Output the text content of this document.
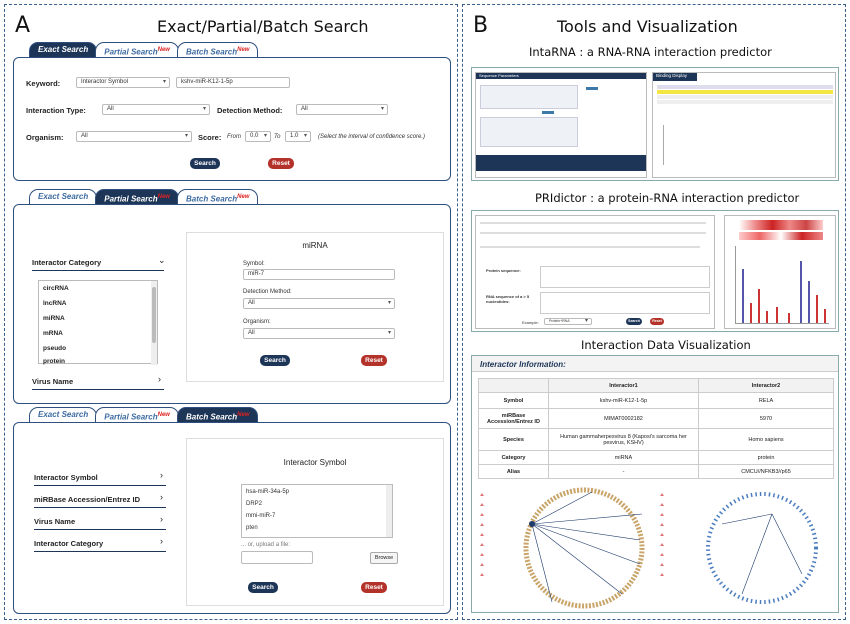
A	Exact/Partial/Batch Search
Exact Search	Partial Search$^{New}$	Batch Search$^{New}$
Keyword:	Interactor Symbol ▾	kshv-miR-K12-1-5p
Interaction Type:	All ▾	Detection Method:	All ▾
Organism:	All ▾	Score: From	0.0 ▾	To	1.0 ▾	(Select the interval of confidence score.)
Search	Reset
Exact Search	Partial Search$^{New}$	Batch Search$^{New}$
Interactor Category	⌄
circRNA
lncRNA
miRNA
mRNA
pseudo
protein
Virus Name	›
miRNA
Symbol:
miR-7
Detection Method:
All ▾
Organism:
All ▾
Search	Reset
Exact Search	Partial Search$^{New}$	Batch Search$^{New}$
Interactor Symbol	›
miRBase Accession/Entrez ID	›
Virus Name	›
Interactor Category	›
Interactor Symbol
hsa-miR-34a-5p
DRP2
mmi-miR-7
pten
... or, upload a file:
Browse
Search	Reset
B	Tools and Visualization
IntaRNA : a RNA-RNA interaction predictor
Sequence Parameters	Binding Display
PRIdictor : a protein-RNA interaction predictor
Protein sequence:
RNA sequence of a > 5 nucleotides:
Example:	Protein+RNA ▾	Search	Reset
Interaction Data Visualization
Interactor Information:
	Interactor1	Interactor2
Symbol	kshv-miR-K12-1-5p	RELA
miRBase Accession/Entrez ID	MIMAT0002182	5970
Species	Human gammaherpesvirus 8 (Kaposi's sarcoma her pesvirus, KSHV)	Homo sapiens
Category	miRNA	protein
Alias	-	CMCU//NFKB3//p65
